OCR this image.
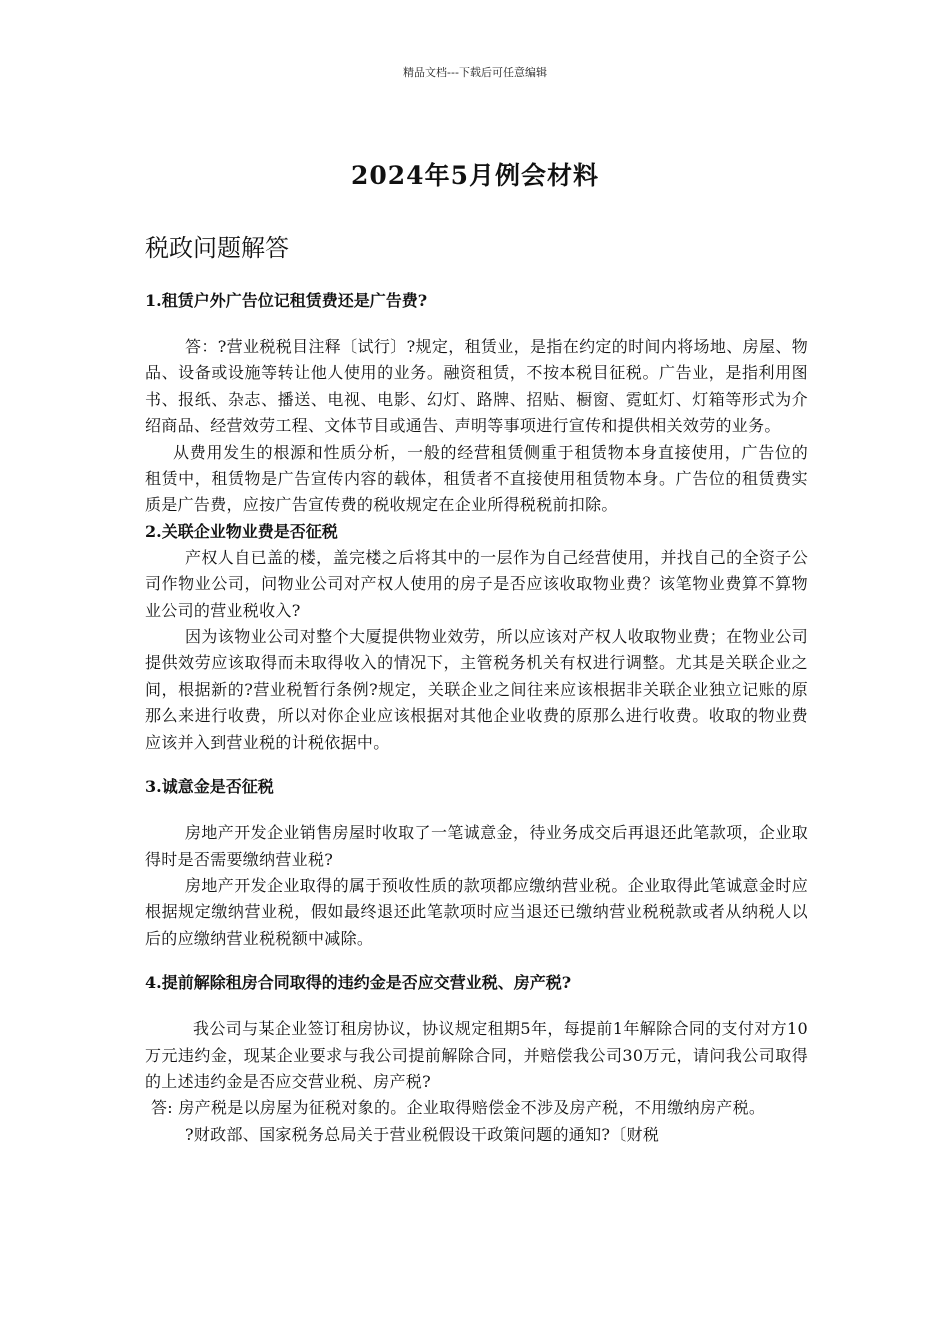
精品文档---下载后可任意编辑
2024年5月例会材料
税政问题解答

1.租赁户外广告位记租赁费还是广告费?

答：?营业税税目注释〔试行〕?规定，租赁业，是指在约定的时间内将场地、房屋、物品、设备或设施等转让他人使用的业务。融资租赁，不按本税目征税。广告业，是指利用图书、报纸、杂志、播送、电视、电影、幻灯、路牌、招贴、橱窗、霓虹灯、灯箱等形式为介绍商品、经营效劳工程、文体节目或通告、声明等事项进行宣传和提供相关效劳的业务。

从费用发生的根源和性质分析，一般的经营租赁侧重于租赁物本身直接使用，广告位的租赁中，租赁物是广告宣传内容的载体，租赁者不直接使用租赁物本身。广告位的租赁费实质是广告费，应按广告宣传费的税收规定在企业所得税税前扣除。

2.关联企业物业费是否征税

产权人自已盖的楼，盖完楼之后将其中的一层作为自己经营使用，并找自己的全资子公司作物业公司，问物业公司对产权人使用的房子是否应该收取物业费？该笔物业费算不算物业公司的营业税收入?

因为该物业公司对整个大厦提供物业效劳，所以应该对产权人收取物业费；在物业公司提供效劳应该取得而未取得收入的情况下，主管税务机关有权进行调整。尤其是关联企业之间，根据新的?营业税暂行条例?规定，关联企业之间往来应该根据非关联企业独立记账的原那么来进行收费，所以对你企业应该根据对其他企业收费的原那么进行收费。收取的物业费应该并入到营业税的计税依据中。

3.诚意金是否征税

房地产开发企业销售房屋时收取了一笔诚意金，待业务成交后再退还此笔款项，企业取得时是否需要缴纳营业税?

房地产开发企业取得的属于预收性质的款项都应缴纳营业税。企业取得此笔诚意金时应根据规定缴纳营业税，假如最终退还此笔款项时应当退还已缴纳营业税税款或者从纳税人以后的应缴纳营业税税额中减除。

4.提前解除租房合同取得的违约金是否应交营业税、房产税?

我公司与某企业签订租房协议，协议规定租期5年，每提前1年解除合同的支付对方10万元违约金，现某企业要求与我公司提前解除合同，并赔偿我公司30万元，请问我公司取得的上述违约金是否应交营业税、房产税?

答: 房产税是以房屋为征税对象的。企业取得赔偿金不涉及房产税，不用缴纳房产税。

?财政部、国家税务总局关于营业税假设干政策问题的通知?〔财税
